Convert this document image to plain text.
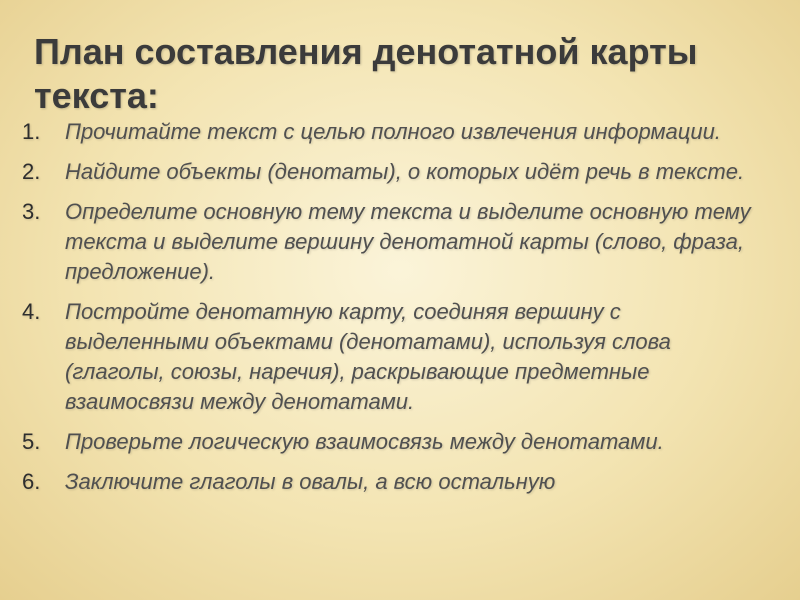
План составления денотатной карты текста:
1.	Прочитайте текст с целью полного извлечения информации.
2.	Найдите объекты (денотаты), о которых идёт речь в тексте.
3.	Определите основную тему текста и выделите основную тему текста и выделите вершину денотатной карты (слово, фраза, предложение).
4.	Постройте денотатную карту, соединяя вершину с выделенными объектами (денотатами), используя слова (глаголы, союзы, наречия), раскрывающие предметные взаимосвязи между денотатами.
5.	Проверьте логическую взаимосвязь между денотатами.
6.	Заключите глаголы в овалы, а всю остальную
